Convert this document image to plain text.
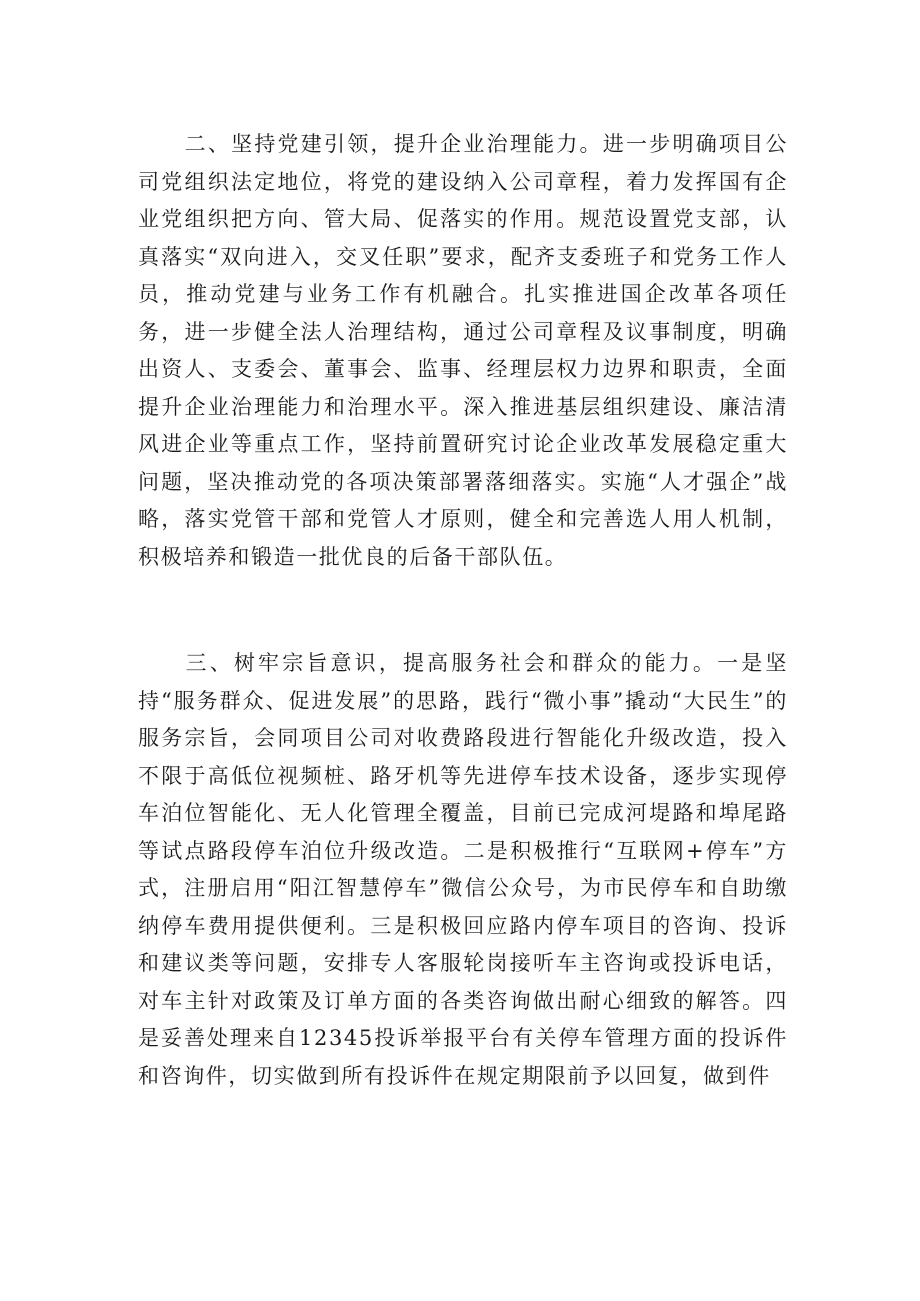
二、坚持党建引领，提升企业治理能力。进一步明确项目公司党组织法定地位，将党的建设纳入公司章程，着力发挥国有企业党组织把方向、管大局、促落实的作用。规范设置党支部，认真落实“双向进入，交叉任职”要求，配齐支委班子和党务工作人员，推动党建与业务工作有机融合。扎实推进国企改革各项任务，进一步健全法人治理结构，通过公司章程及议事制度，明确出资人、支委会、董事会、监事、经理层权力边界和职责，全面提升企业治理能力和治理水平。深入推进基层组织建设、廉洁清风进企业等重点工作，坚持前置研究讨论企业改革发展稳定重大问题，坚决推动党的各项决策部署落细落实。实施“人才强企”战略，落实党管干部和党管人才原则，健全和完善选人用人机制，积极培养和锻造一批优良的后备干部队伍。

三、树牢宗旨意识，提高服务社会和群众的能力。一是坚持“服务群众、促进发展”的思路，践行“微小事”撬动“大民生”的服务宗旨，会同项目公司对收费路段进行智能化升级改造，投入不限于高低位视频桩、路牙机等先进停车技术设备，逐步实现停车泊位智能化、无人化管理全覆盖，目前已完成河堤路和埠尾路等试点路段停车泊位升级改造。二是积极推行“互联网+停车”方式，注册启用“阳江智慧停车”微信公众号，为市民停车和自助缴纳停车费用提供便利。三是积极回应路内停车项目的咨询、投诉和建议类等问题，安排专人客服轮岗接听车主咨询或投诉电话，对车主针对政策及订单方面的各类咨询做出耐心细致的解答。四是妥善处理来自12345投诉举报平台有关停车管理方面的投诉件和咨询件，切实做到所有投诉件在规定期限前予以回复，做到件
